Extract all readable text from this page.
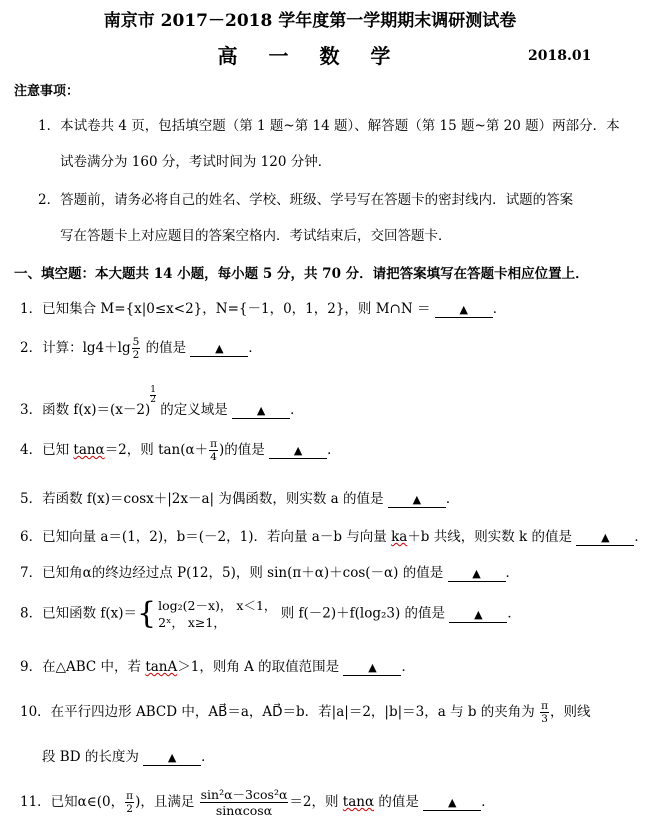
南京市 2017－2018 学年度第一学期期末调研测试卷
高 一 数 学	2018.01
注意事项：
1．本试卷共 4 页，包括填空题（第 1 题~第 14 题）、解答题（第 15 题~第 20 题）两部分．本
试卷满分为 160 分，考试时间为 120 分钟．
2．答题前，请务必将自己的姓名、学校、班级、学号写在答题卡的密封线内．试题的答案
写在答题卡上对应题目的答案空格内．考试结束后，交回答题卡．
一、填空题：本大题共 14 小题，每小题 5 分，共 70 分．请把答案填写在答题卡相应位置上．
1．已知集合 M={x|0≤x<2}，N={－1，0，1，2}，则 M∩N ＝	▲ ．
2．计算：$\lg 4+\lg \frac{5}{2}$ 的值是	▲ ．
3．函数 f(x)＝(x－2)
$\frac{1}{2}$ 的定义域是	▲ ．
4．已知 tanα＝2，则 $\tan(\alpha+ \frac{\pi}{4}$ )的值是	▲ ．
5．若函数 f(x)＝cosx＋|2x－a| 为偶函数，则实数 a 的值是	▲ ．
6．已知向量 a＝(1，2)，b＝(－2，1)．若向量 a－b 与向量 ka＋b 共线，则实数 k 的值是	▲ ．
7．已知角α的终边经过点 P(12，5)，则 sin(π＋α)＋cos(－α) 的值是	▲ ．
8．已知函数 f(x)＝{ log₂(2－x)， x＜1，
2ˣ， x≥1，
则 f(－2)＋f(log₂3) 的值是	▲ ．
9．在△ABC 中，若 tanA＞1，则角 A 的取值范围是	▲ ．
10．在平行四边形 ABCD 中，AB⃗＝a，AD⃗＝b．若|a|＝2，|b|＝3，a 与 b 的夹角为 $\frac{\pi}{3}$ ，则线
段 BD 的长度为	▲ ．
11．已知α∈(0， $\frac{\pi}{2}$ )，且满足 $\frac{\text{sin²α－3cos²α}}{\sin\alpha\cos\alpha} =2$，则 tanα 的值是	▲ ．
